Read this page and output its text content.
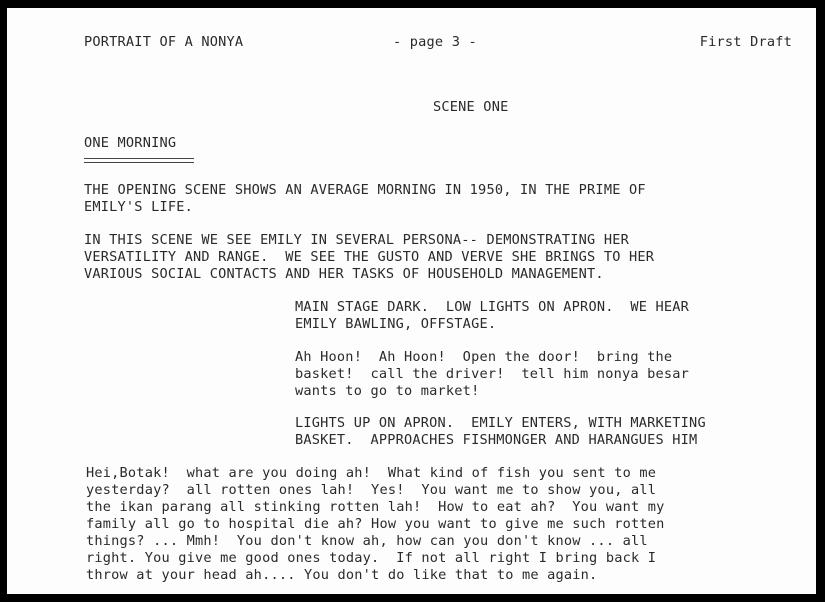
PORTRAIT OF A NONYA	- page 3 -	First Draft
SCENE ONE
ONE MORNING
THE OPENING SCENE SHOWS AN AVERAGE MORNING IN 1950, IN THE PRIME OF
EMILY'S LIFE.
IN THIS SCENE WE SEE EMILY IN SEVERAL PERSONA-- DEMONSTRATING HER
VERSATILITY AND RANGE.  WE SEE THE GUSTO AND VERVE SHE BRINGS TO HER
VARIOUS SOCIAL CONTACTS AND HER TASKS OF HOUSEHOLD MANAGEMENT.
MAIN STAGE DARK.  LOW LIGHTS ON APRON.  WE HEAR
EMILY BAWLING, OFFSTAGE.
Ah Hoon!  Ah Hoon!  Open the door!  bring the
basket!  call the driver!  tell him nonya besar
wants to go to market!
LIGHTS UP ON APRON.  EMILY ENTERS, WITH MARKETING
BASKET.  APPROACHES FISHMONGER AND HARANGUES HIM
Hei,Botak!  what are you doing ah!  What kind of fish you sent to me
yesterday?  all rotten ones lah!  Yes!  You want me to show you, all
the ikan parang all stinking rotten lah!  How to eat ah?  You want my
family all go to hospital die ah? How you want to give me such rotten
things? ... Mmh!  You don't know ah, how can you don't know ... all
right. You give me good ones today.  If not all right I bring back I
throw at your head ah.... You don't do like that to me again.
